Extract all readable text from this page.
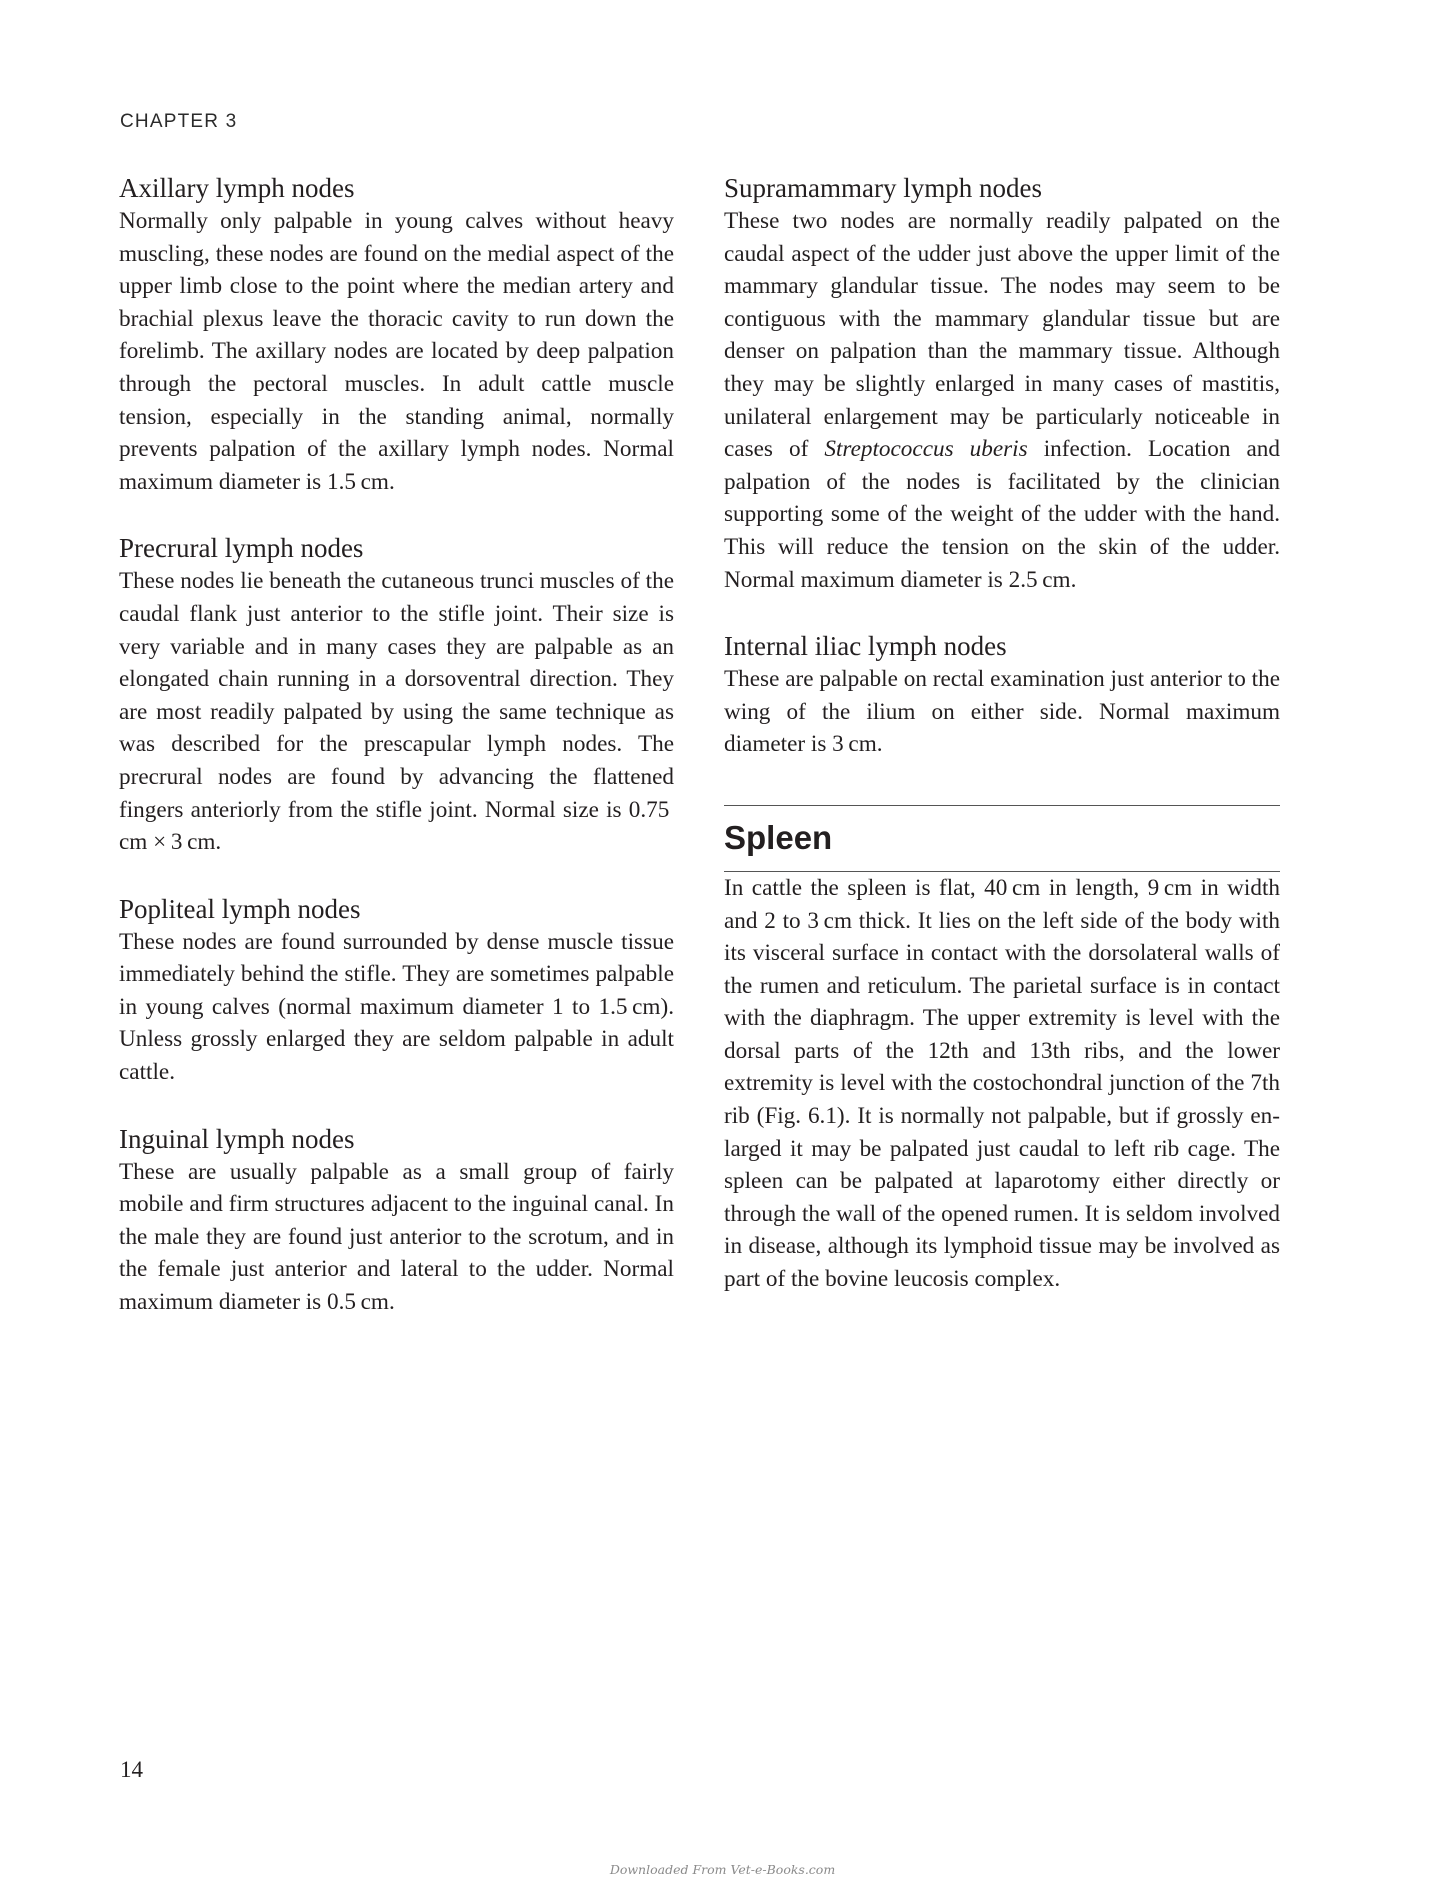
CHAPTER 3
Axillary lymph nodes

Normally only palpable in young calves without heavy muscling, these nodes are found on the medial aspect of the upper limb close to the point where the median artery and brachial plexus leave the thoracic cavity to run down the forelimb. The axillary nodes are located by deep palpation through the pectoral muscles. In adult cattle muscle tension, especially in the standing animal, normally prevents palpation of the axillary lymph nodes. Normal maximum diameter is 1.5 cm.

Precrural lymph nodes

These nodes lie beneath the cutaneous trunci muscles of the caudal flank just anterior to the stifle joint. Their size is very variable and in many cases they are palpable as an elongated chain running in a dorsoventral direction. They are most readily palpated by using the same technique as was described for the prescapular lymph nodes. The precrural nodes are found by advancing the flattened fingers anteriorly from the stifle joint. Normal size is 0.75 cm × 3 cm.

Popliteal lymph nodes

These nodes are found surrounded by dense muscle tissue immediately behind the stifle. They are sometimes palpable in young calves (normal maximum diameter 1 to 1.5 cm). Unless grossly enlarged they are seldom palpable in adult cattle.

Inguinal lymph nodes

These are usually palpable as a small group of fairly mobile and firm structures adjacent to the inguinal canal. In the male they are found just anterior to the scrotum, and in the female just anterior and lateral to the udder. Normal maximum diameter is 0.5 cm.

Supramammary lymph nodes

These two nodes are normally readily palpated on the caudal aspect of the udder just above the upper limit of the mammary glandular tissue. The nodes may seem to be contiguous with the mammary glandular tissue but are denser on palpation than the mammary tissue. Although they may be slightly enlarged in many cases of mastitis, unilateral enlargement may be particularly noticeable in cases of Streptococcus uberis infection. Location and palpation of the nodes is facilitated by the clinician supporting some of the weight of the udder with the hand. This will reduce the tension on the skin of the udder. Normal maximum diameter is 2.5 cm.

Internal iliac lymph nodes

These are palpable on rectal examination just anterior to the wing of the ilium on either side. Normal maximum diameter is 3 cm.

Spleen

In cattle the spleen is flat, 40 cm in length, 9 cm in width and 2 to 3 cm thick. It lies on the left side of the body with its visceral surface in contact with the dorsolateral walls of the rumen and reticulum. The parietal surface is in contact with the diaphragm. The upper extremity is level with the dorsal parts of the 12th and 13th ribs, and the lower extremity is level with the costochondral junction of the 7th rib (Fig. 6.1). It is normally not palpable, but if grossly enlarged it may be palpated just caudal to left rib cage. The spleen can be palpated at laparotomy either directly or through the wall of the opened rumen. It is seldom involved in disease, although its lymphoid tissue may be involved as part of the bovine leucosis complex.

14
Downloaded From Vet-e-Books.com
